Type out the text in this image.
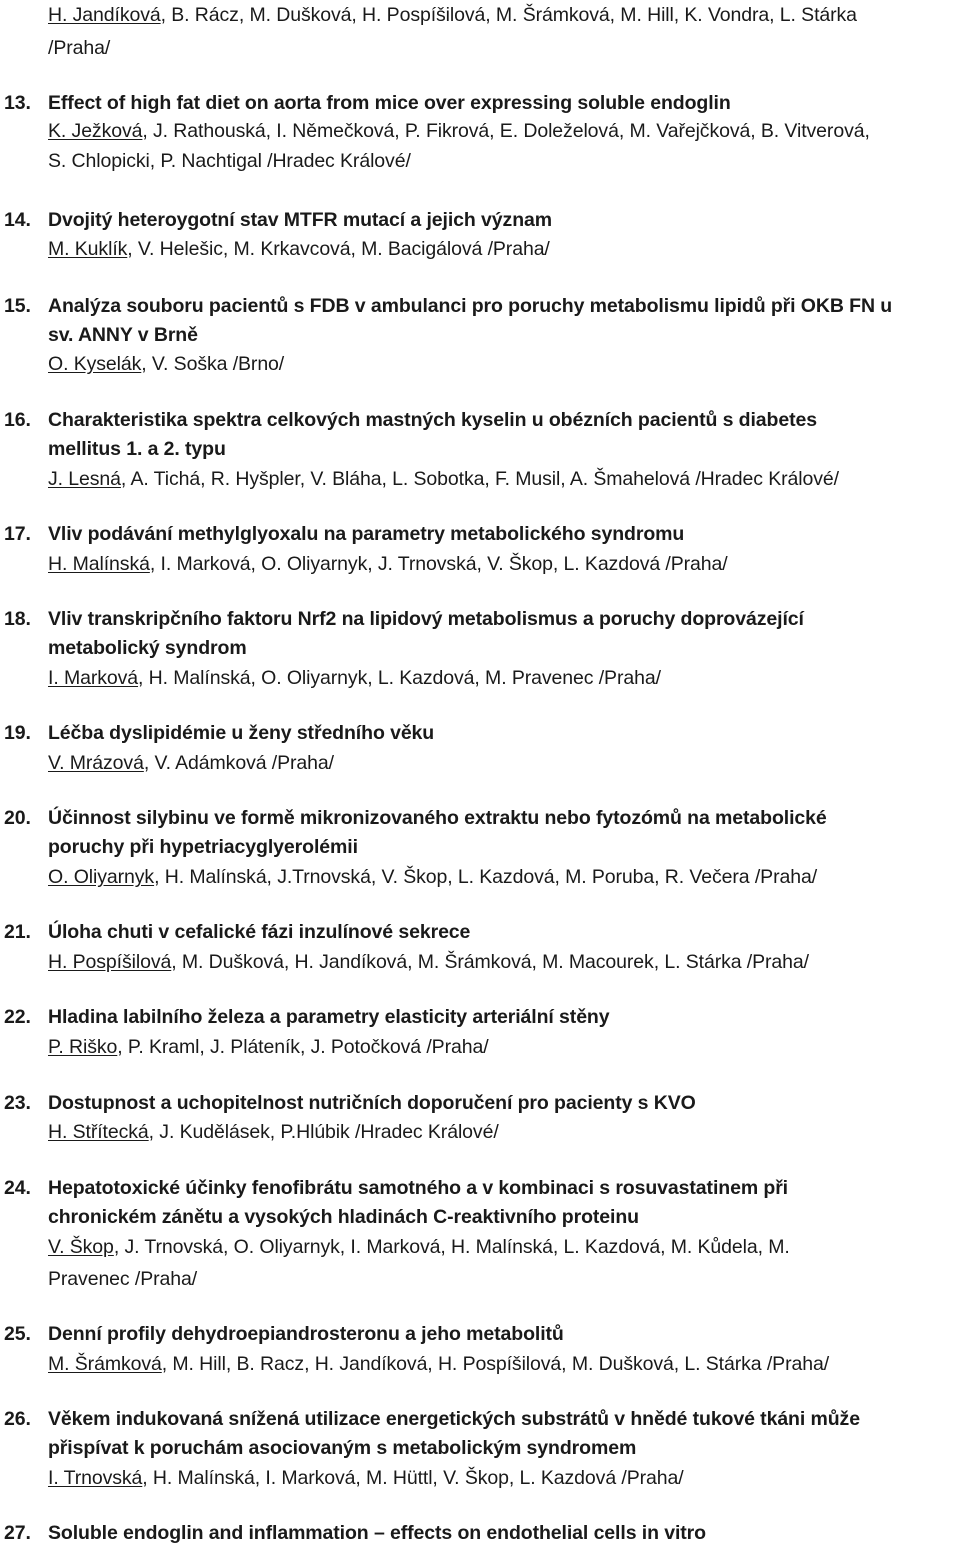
H. Jandíková, B. Rácz, M. Dušková, H. Pospíšilová, M. Šrámková, M. Hill, K. Vondra, L. Stárka
/Praha/
13. Effect of high fat diet on aorta from mice over expressing soluble endoglin
K. Ježková, J. Rathouská, I. Němečková, P. Fikrová, E. Doleželová, M. Vařejčková, B. Vitverová,
S. Chlopicki, P. Nachtigal /Hradec Králové/
14. Dvojitý heteroygotní stav MTFR mutací a jejich význam
M. Kuklík, V. Helešic, M. Krkavcová, M. Bacigálová /Praha/
15. Analýza souboru pacientů s FDB v ambulanci pro poruchy metabolismu lipidů při OKB FN u
sv. ANNY v Brně
O. Kyselák, V. Soška /Brno/
16. Charakteristika spektra celkových mastných kyselin u obézních pacientů s diabetes
mellitus 1. a 2. typu
J. Lesná, A. Tichá, R. Hyšpler, V. Bláha, L. Sobotka, F. Musil, A. Šmahelová /Hradec Králové/
17. Vliv podávání methylglyoxalu na parametry metabolického syndromu
H. Malínská, I. Marková, O. Oliyarnyk, J. Trnovská, V. Škop, L. Kazdová /Praha/
18. Vliv transkripčního faktoru Nrf2 na lipidový metabolismus a poruchy doprovázející
metabolický syndrom
I. Marková, H. Malínská, O. Oliyarnyk, L. Kazdová, M. Pravenec /Praha/
19. Léčba dyslipidémie u ženy středního věku
V. Mrázová, V. Adámková /Praha/
20. Účinnost silybinu ve formě mikronizovaného extraktu nebo fytozómů na metabolické
poruchy při hypetriacyglyerolémii
O. Oliyarnyk, H. Malínská, J.Trnovská, V. Škop, L. Kazdová, M. Poruba, R. Večera /Praha/
21. Úloha chuti v cefalické fázi inzulínové sekrece
H. Pospíšilová, M. Dušková, H. Jandíková, M. Šrámková, M. Macourek, L. Stárka /Praha/
22. Hladina labilního železa a parametry elasticity arteriální stěny
P. Riško, P. Kraml, J. Pláteník, J. Potočková /Praha/
23. Dostupnost a uchopitelnost nutričních doporučení pro pacienty s KVO
H. Střítecká, J. Kudělásek, P.Hlúbik /Hradec Králové/
24. Hepatotoxické účinky fenofibrátu samotného a v kombinaci s rosuvastatinem při
chronickém zánětu a vysokých hladinách C-reaktivního proteinu
V. Škop, J. Trnovská, O. Oliyarnyk, I. Marková, H. Malínská, L. Kazdová, M. Kůdela, M.
Pravenec /Praha/
25. Denní profily dehydroepiandrosteronu a jeho metabolitů
M. Šrámková, M. Hill, B. Racz, H. Jandíková, H. Pospíšilová, M. Dušková, L. Stárka /Praha/
26. Věkem indukovaná snížená utilizace energetických substrátů v hnědé tukové tkáni může
přispívat k poruchám asociovaným s metabolickým syndromem
I. Trnovská, H. Malínská, I. Marková, M. Hüttl, V. Škop, L. Kazdová /Praha/
27. Soluble endoglin and inflammation – effects on endothelial cells in vitro
